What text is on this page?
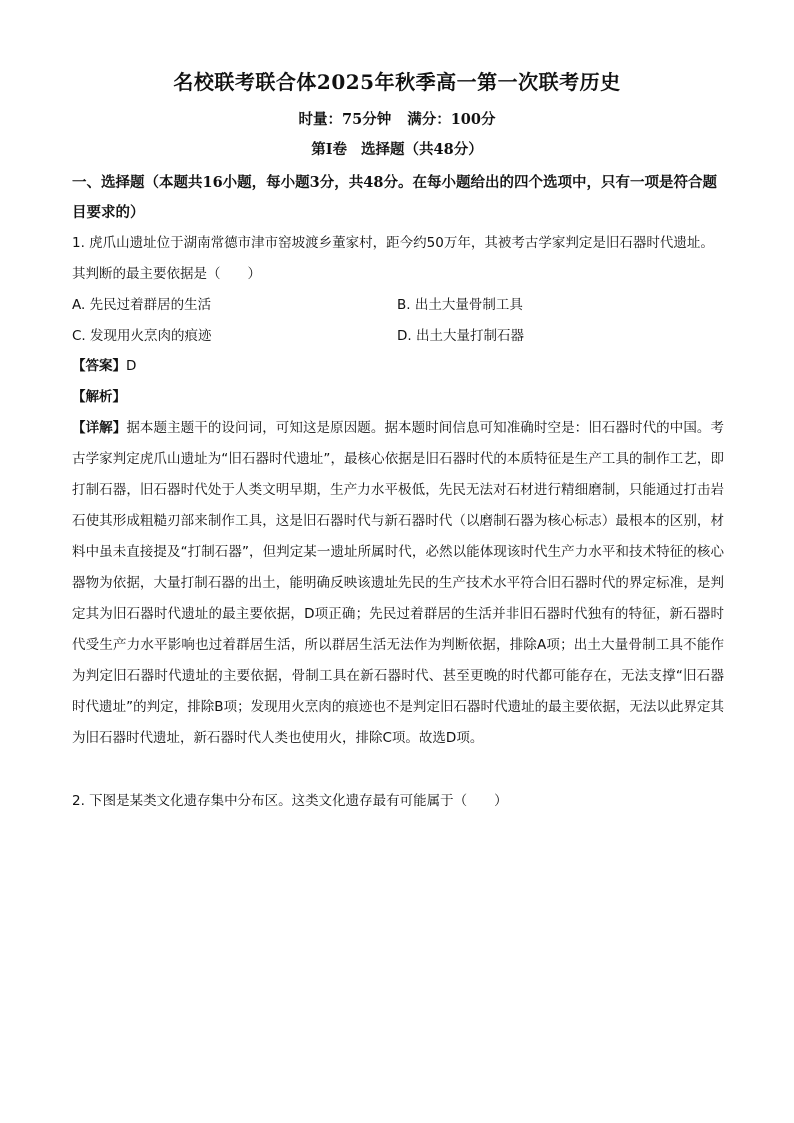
名校联考联合体2025年秋季高一第一次联考历史
时量：75分钟 满分：100分
第Ⅰ卷 选择题（共48分）
一、选择题（本题共16小题，每小题3分，共48分。在每小题给出的四个选项中，只有一项是符合题目要求的）
1. 虎爪山遗址位于湖南常德市津市窑坡渡乡董家村，距今约50万年，其被考古学家判定是旧石器时代遗址。其判断的最主要依据是（　　）
A. 先民过着群居的生活	B. 出土大量骨制工具
C. 发现用火烹肉的痕迹	D. 出土大量打制石器
【答案】D
【解析】
【详解】据本题主题干的设问词，可知这是原因题。据本题时间信息可知准确时空是：旧石器时代的中国。考古学家判定虎爪山遗址为“旧石器时代遗址”，最核心依据是旧石器时代的本质特征是生产工具的制作工艺，即打制石器，旧石器时代处于人类文明早期，生产力水平极低，先民无法对石材进行精细磨制，只能通过打击岩石使其形成粗糙刃部来制作工具，这是旧石器时代与新石器时代（以磨制石器为核心标志）最根本的区别，材料中虽未直接提及“打制石器”，但判定某一遗址所属时代，必然以能体现该时代生产力水平和技术特征的核心器物为依据，大量打制石器的出土，能明确反映该遗址先民的生产技术水平符合旧石器时代的界定标准，是判定其为旧石器时代遗址的最主要依据，D项正确；先民过着群居的生活并非旧石器时代独有的特征，新石器时代受生产力水平影响也过着群居生活，所以群居生活无法作为判断依据，排除A项；出土大量骨制工具不能作为判定旧石器时代遗址的主要依据，骨制工具在新石器时代、甚至更晚的时代都可能存在，无法支撑“旧石器时代遗址”的判定，排除B项；发现用火烹肉的痕迹也不是判定旧石器时代遗址的最主要依据，无法以此界定其为旧石器时代遗址，新石器时代人类也使用火，排除C项。故选D项。
2. 下图是某类文化遗存集中分布区。这类文化遗存最有可能属于（　　）
